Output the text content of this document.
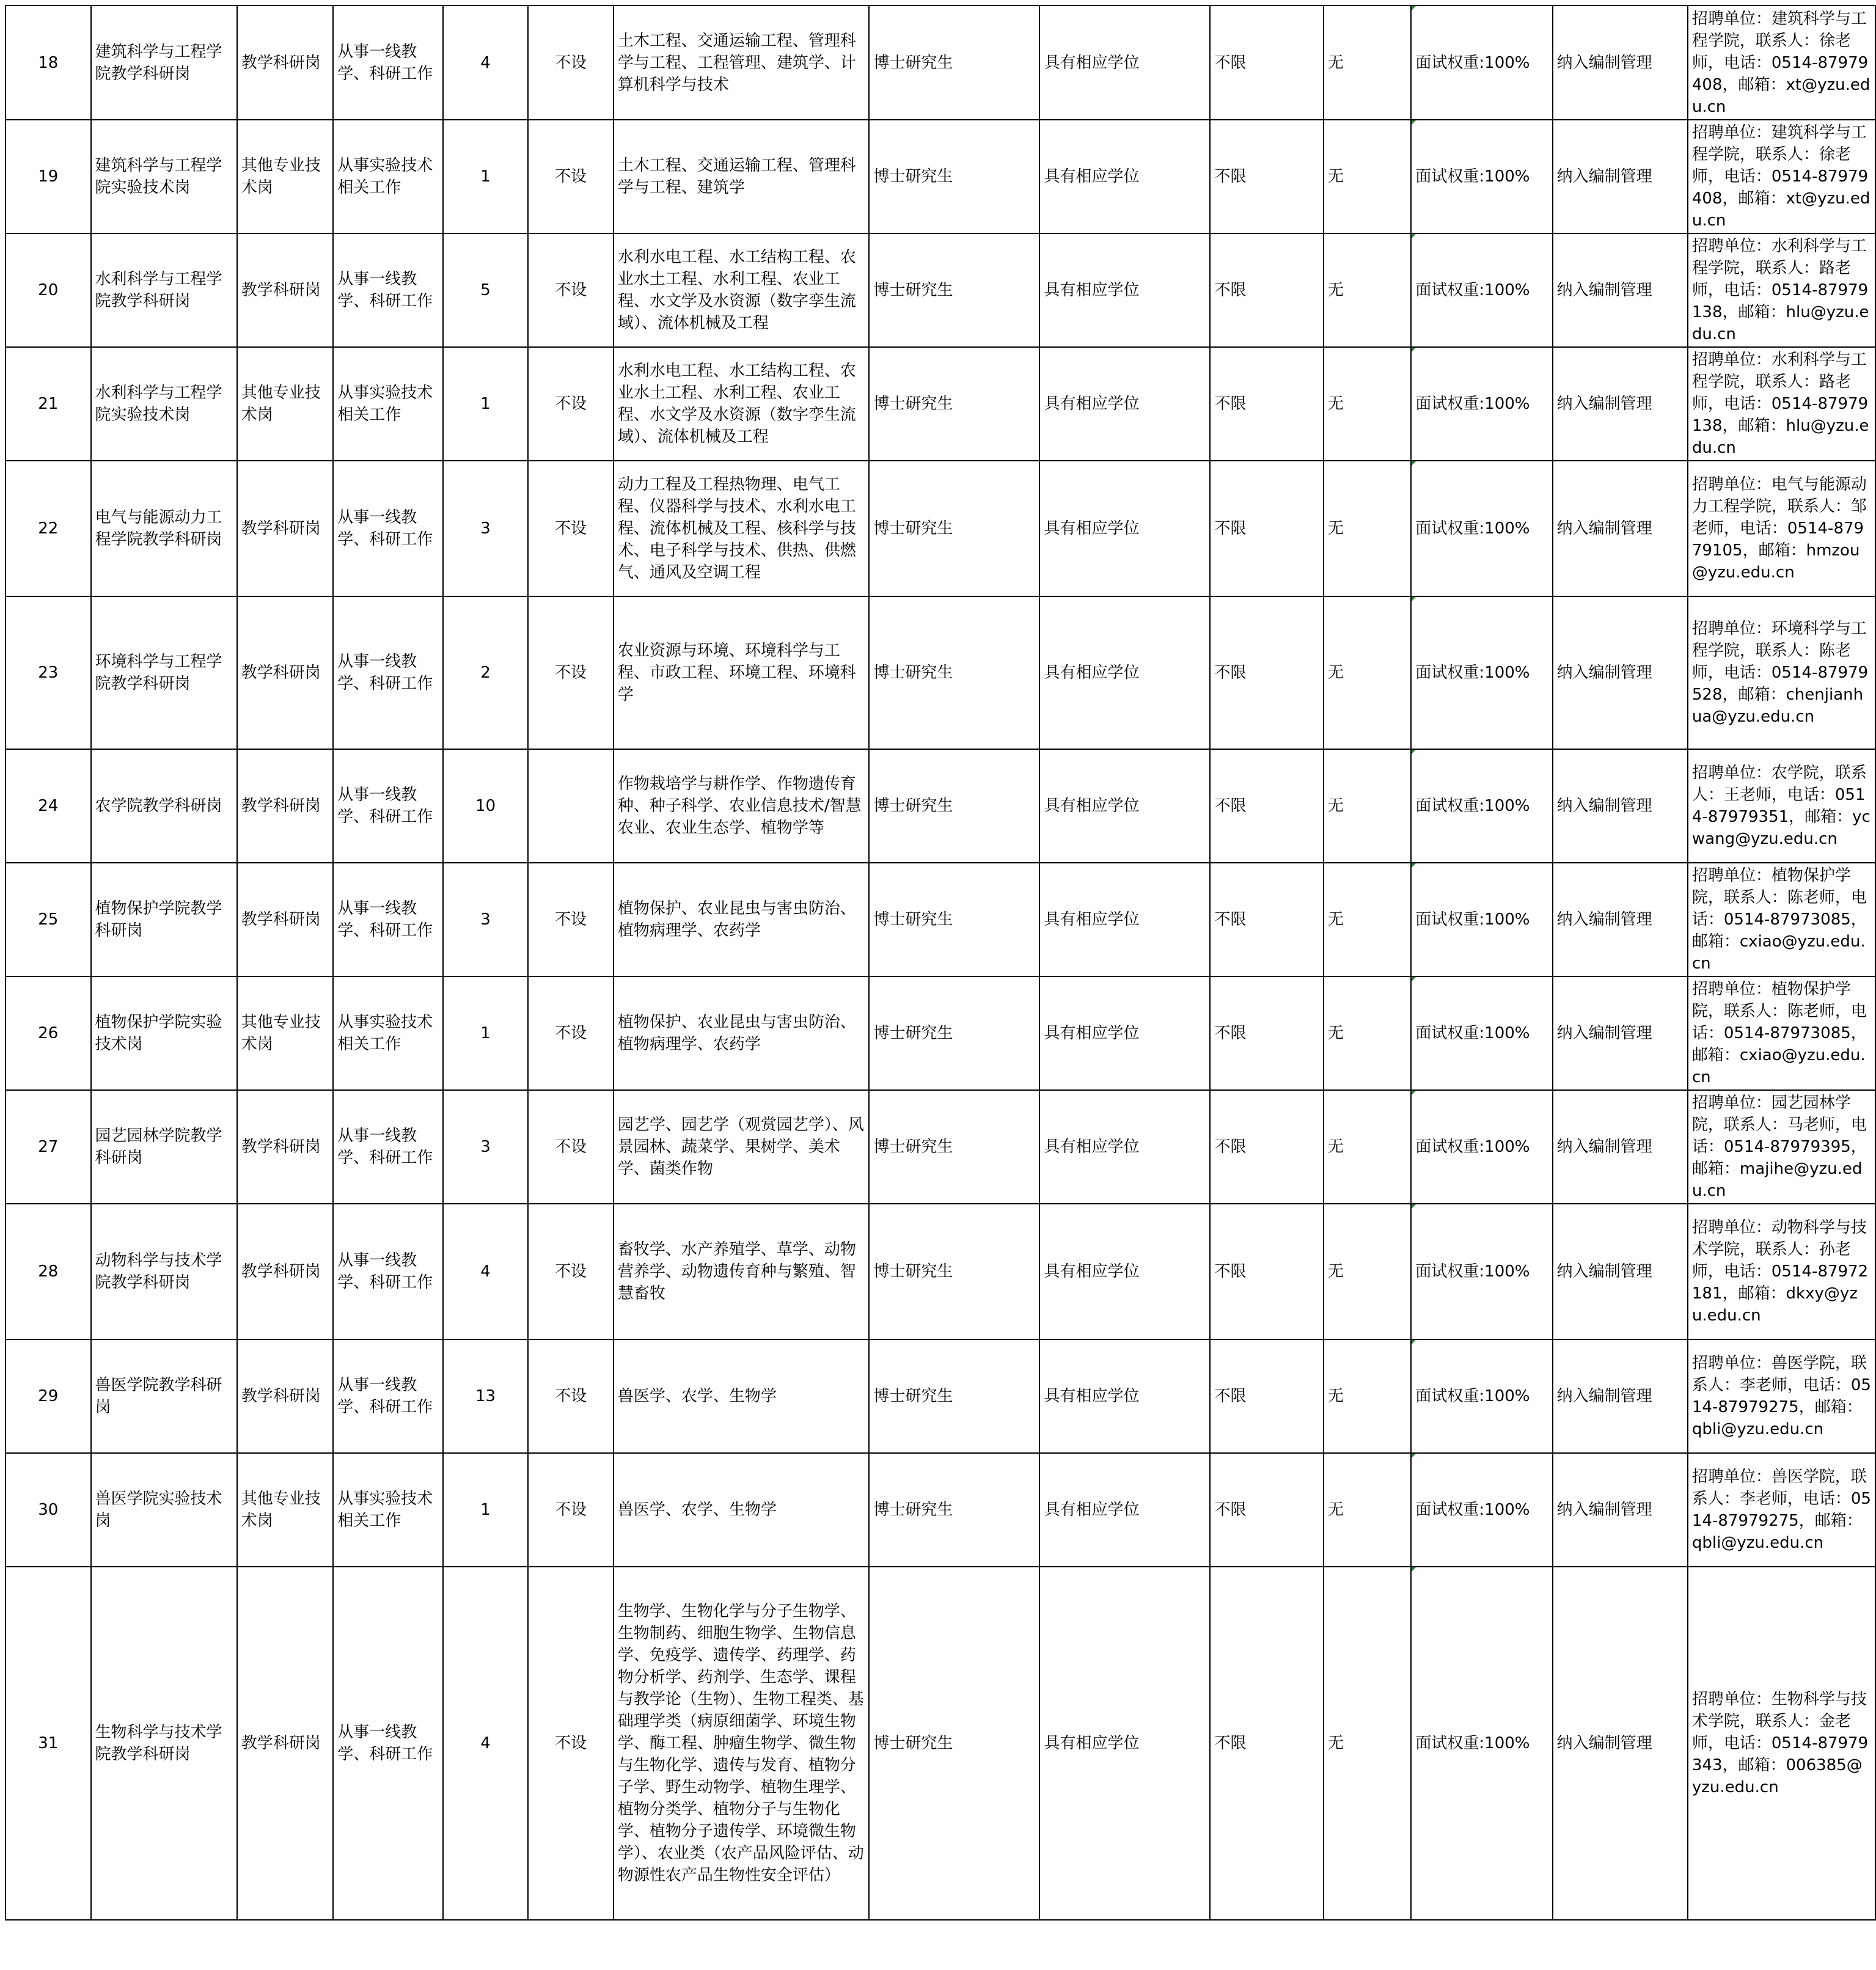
18	建筑科学与工程学院教学科研岗	教学科研岗	从事一线教学、科研工作	4	不设	土木工程、交通运输工程、管理科学与工程、工程管理、建筑学、计算机科学与技术	博士研究生	具有相应学位	不限	无	面试权重:100%	纳入编制管理	招聘单位：建筑科学与工程学院，联系人：徐老师，电话：0514-87979408，邮箱：xt@yzu.edu.cn
19	建筑科学与工程学院实验技术岗	其他专业技术岗	从事实验技术相关工作	1	不设	土木工程、交通运输工程、管理科学与工程、建筑学	博士研究生	具有相应学位	不限	无	面试权重:100%	纳入编制管理	招聘单位：建筑科学与工程学院，联系人：徐老师，电话：0514-87979408，邮箱：xt@yzu.edu.cn
20	水利科学与工程学院教学科研岗	教学科研岗	从事一线教学、科研工作	5	不设	水利水电工程、水工结构工程、农业水土工程、水利工程、农业工程、水文学及水资源（数字孪生流域）、流体机械及工程	博士研究生	具有相应学位	不限	无	面试权重:100%	纳入编制管理	招聘单位：水利科学与工程学院，联系人：路老师，电话：0514-87979138，邮箱：hlu@yzu.edu.cn
21	水利科学与工程学院实验技术岗	其他专业技术岗	从事实验技术相关工作	1	不设	水利水电工程、水工结构工程、农业水土工程、水利工程、农业工程、水文学及水资源（数字孪生流域）、流体机械及工程	博士研究生	具有相应学位	不限	无	面试权重:100%	纳入编制管理	招聘单位：水利科学与工程学院，联系人：路老师，电话：0514-87979138，邮箱：hlu@yzu.edu.cn
22	电气与能源动力工程学院教学科研岗	教学科研岗	从事一线教学、科研工作	3	不设	动力工程及工程热物理、电气工程、仪器科学与技术、水利水电工程、流体机械及工程、核科学与技术、电子科学与技术、供热、供燃气、通风及空调工程	博士研究生	具有相应学位	不限	无	面试权重:100%	纳入编制管理	招聘单位：电气与能源动力工程学院，联系人：邹老师，电话：0514-87979105，邮箱：hmzou@yzu.edu.cn
23	环境科学与工程学院教学科研岗	教学科研岗	从事一线教学、科研工作	2	不设	农业资源与环境、环境科学与工程、市政工程、环境工程、环境科学	博士研究生	具有相应学位	不限	无	面试权重:100%	纳入编制管理	招聘单位：环境科学与工程学院，联系人：陈老师，电话：0514-87979528，邮箱：chenjianhua@yzu.edu.cn
24	农学院教学科研岗	教学科研岗	从事一线教学、科研工作	10		作物栽培学与耕作学、作物遗传育种、种子科学、农业信息技术/智慧农业、农业生态学、植物学等	博士研究生	具有相应学位	不限	无	面试权重:100%	纳入编制管理	招聘单位：农学院，联系人：王老师，电话：0514-87979351，邮箱：ycwang@yzu.edu.cn
25	植物保护学院教学科研岗	教学科研岗	从事一线教学、科研工作	3	不设	植物保护、农业昆虫与害虫防治、植物病理学、农药学	博士研究生	具有相应学位	不限	无	面试权重:100%	纳入编制管理	招聘单位：植物保护学院，联系人：陈老师，电话：0514-87973085，邮箱：cxiao@yzu.edu.cn
26	植物保护学院实验技术岗	其他专业技术岗	从事实验技术相关工作	1	不设	植物保护、农业昆虫与害虫防治、植物病理学、农药学	博士研究生	具有相应学位	不限	无	面试权重:100%	纳入编制管理	招聘单位：植物保护学院，联系人：陈老师，电话：0514-87973085，邮箱：cxiao@yzu.edu.cn
27	园艺园林学院教学科研岗	教学科研岗	从事一线教学、科研工作	3	不设	园艺学、园艺学（观赏园艺学）、风景园林、蔬菜学、果树学、美术学、菌类作物	博士研究生	具有相应学位	不限	无	面试权重:100%	纳入编制管理	招聘单位：园艺园林学院，联系人：马老师，电话：0514-87979395，邮箱：majihe@yzu.edu.cn
28	动物科学与技术学院教学科研岗	教学科研岗	从事一线教学、科研工作	4	不设	畜牧学、水产养殖学、草学、动物营养学、动物遗传育种与繁殖、智慧畜牧	博士研究生	具有相应学位	不限	无	面试权重:100%	纳入编制管理	招聘单位：动物科学与技术学院，联系人：孙老师，电话：0514-87972181，邮箱：dkxy@yzu.edu.cn
29	兽医学院教学科研岗	教学科研岗	从事一线教学、科研工作	13	不设	兽医学、农学、生物学	博士研究生	具有相应学位	不限	无	面试权重:100%	纳入编制管理	招聘单位：兽医学院，联系人：李老师，电话：0514-87979275，邮箱：qbli@yzu.edu.cn
30	兽医学院实验技术岗	其他专业技术岗	从事实验技术相关工作	1	不设	兽医学、农学、生物学	博士研究生	具有相应学位	不限	无	面试权重:100%	纳入编制管理	招聘单位：兽医学院，联系人：李老师，电话：0514-87979275，邮箱：qbli@yzu.edu.cn
31	生物科学与技术学院教学科研岗	教学科研岗	从事一线教学、科研工作	4	不设	生物学、生物化学与分子生物学、生物制药、细胞生物学、生物信息学、免疫学、遗传学、药理学、药物分析学、药剂学、生态学、课程与教学论（生物）、生物工程类、基础理学类（病原细菌学、环境生物学、酶工程、肿瘤生物学、微生物与生物化学、遗传与发育、植物分子学、野生动物学、植物生理学、植物分类学、植物分子与生物化学、植物分子遗传学、环境微生物学）、农业类（农产品风险评估、动物源性农产品生物性安全评估）	博士研究生	具有相应学位	不限	无	面试权重:100%	纳入编制管理	招聘单位：生物科学与技术学院，联系人：金老师，电话：0514-87979343，邮箱：006385@yzu.edu.cn
